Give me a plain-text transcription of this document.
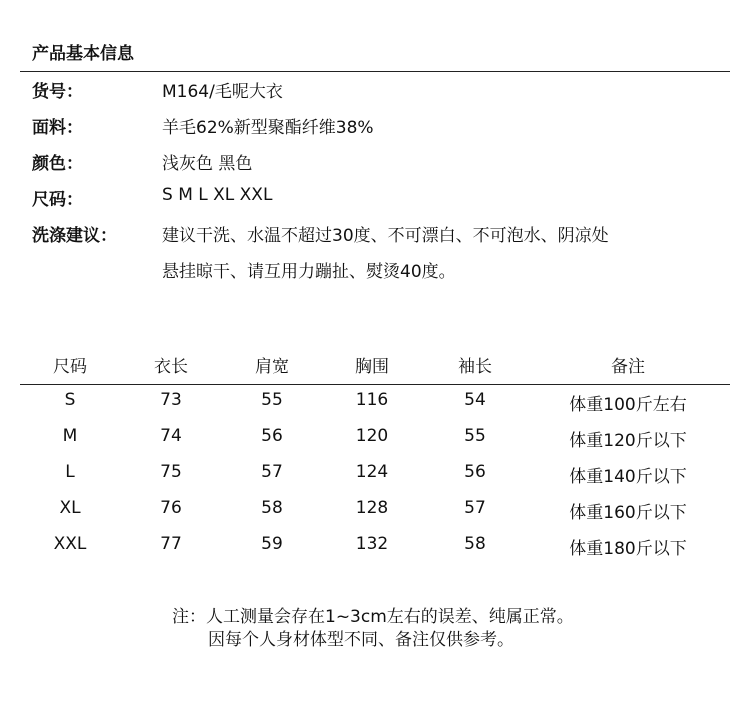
产品基本信息
货号：	M164/毛呢大衣
面料：	羊毛62%新型聚酯纤维38%
颜色：	浅灰色 黑色
尺码：	S M L XL XXL
洗涤建议：	建议干洗、水温不超过30度、不可漂白、不可泡水、阴凉处
悬挂晾干、请互用力蹦扯、熨烫40度。
尺码	衣长	肩宽	胸围	袖长	备注
S	73	55	116	54	体重100斤左右
M	74	56	120	55	体重120斤以下
L	75	57	124	56	体重140斤以下
XL	76	58	128	57	体重160斤以下
XXL	77	59	132	58	体重180斤以下
注：人工测量会存在1~3cm左右的误差、纯属正常。
因每个人身材体型不同、备注仅供参考。
